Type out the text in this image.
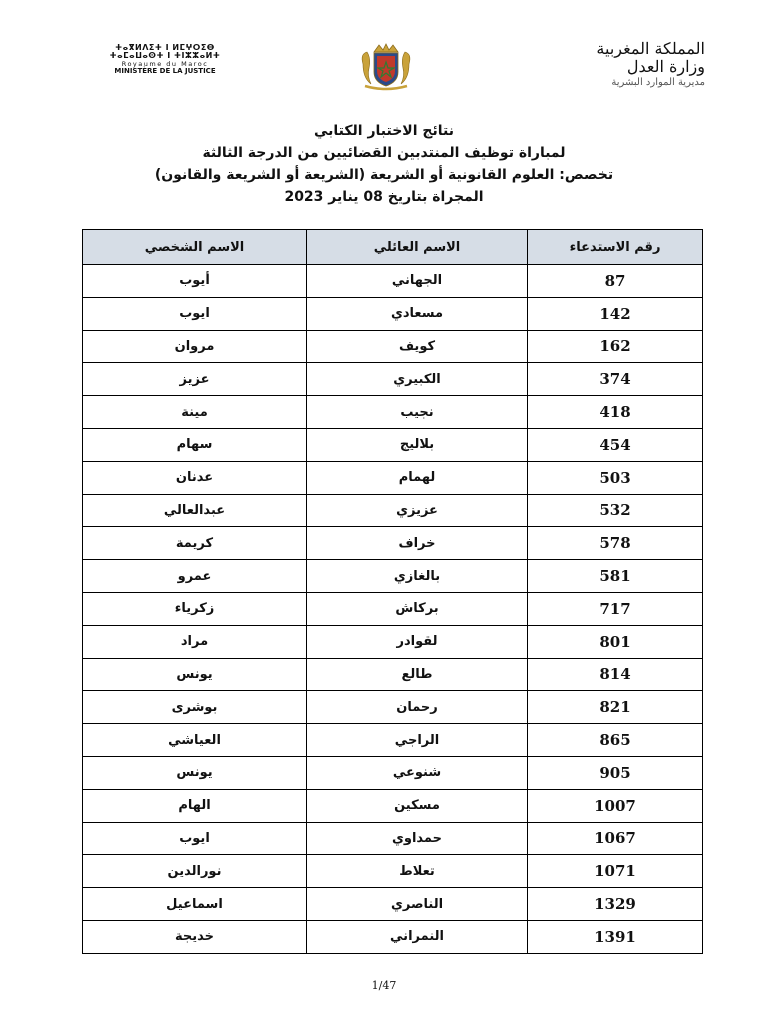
ⵜⴰⴳⵍⴷⵉⵜ ⵏ ⵍⵎⵖⵔⵉⴱ ⵜⴰⵎⴰⵡⴰⵙⵜ ⵏ ⵜⵏⵣⵣⴰⵍⵜ
Royaume du Maroc
MINISTÈRE DE LA JUSTICE
المملكة المغربية
وزارة العدل
مديرية الموارد البشرية
نتائج الاختبار الكتابي
لمباراة توظيف المنتدبين القضائيين من الدرجة الثالثة
تخصص: العلوم القانونية أو الشريعة (الشريعة أو الشريعة والقانون)
المجراة بتاريخ 08 يناير 2023
رقم الاستدعاء	الاسم العائلي	الاسم الشخصي
87	الجهاني	أيوب
142	مسعادي	ايوب
162	كويف	مروان
374	الكبيري	عزيز
418	نجيب	مينة
454	بلاليج	سهام
503	لهمام	عدنان
532	عزيزي	عبدالعالي
578	خراف	كريمة
581	بالغازي	عمرو
717	بركاش	زكرياء
801	لقوادر	مراد
814	طالع	يونس
821	رحمان	بوشرى
865	الراجي	العياشي
905	شنوعي	يونس
1007	مسكين	الهام
1067	حمداوي	ايوب
1071	تعلاط	نورالدين
1329	الناصري	اسماعيل
1391	النمراني	خديجة
1/47
